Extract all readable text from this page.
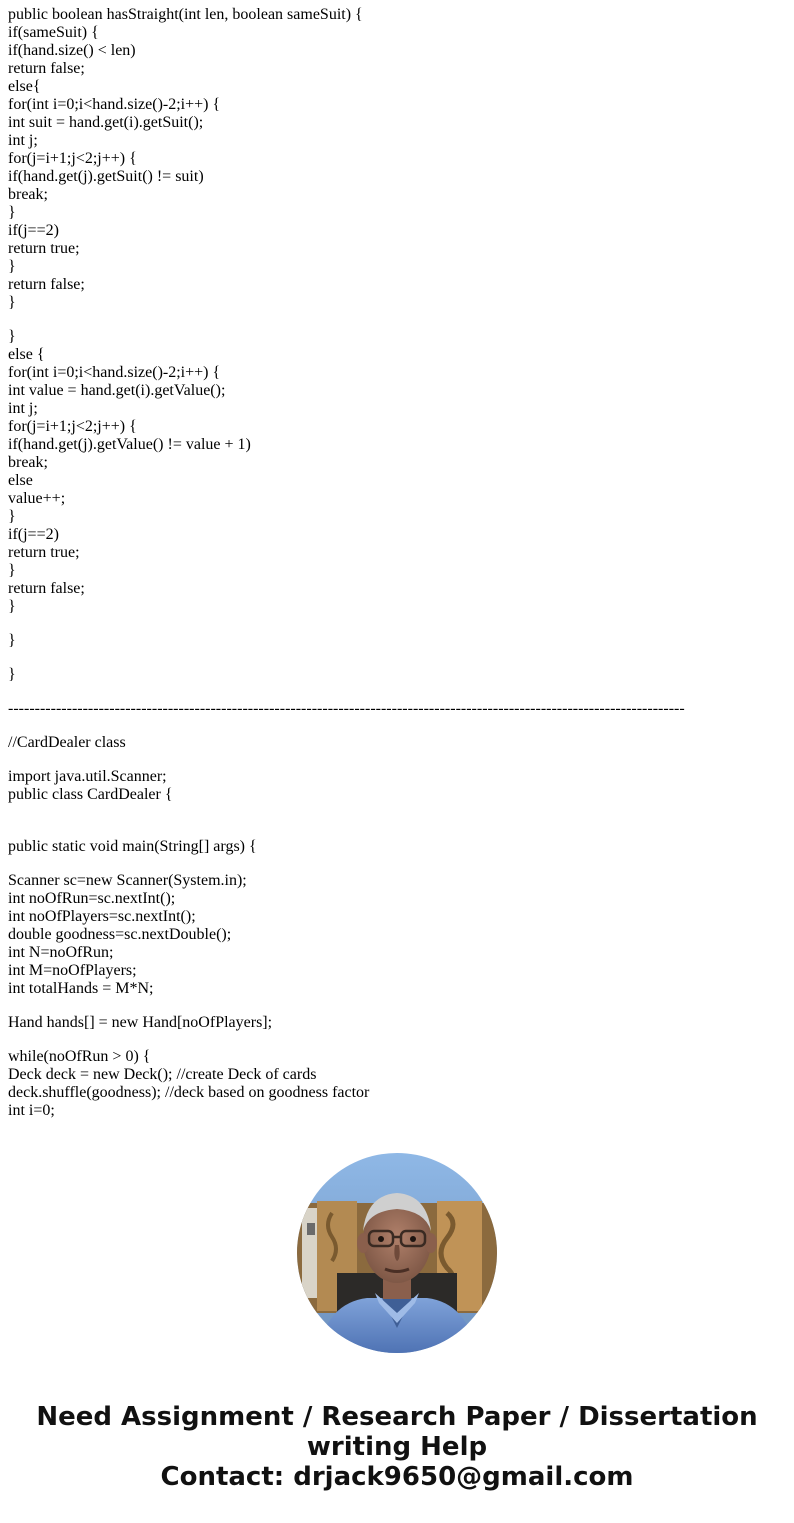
public boolean hasStraight(int len, boolean sameSuit) {
if(sameSuit) {
if(hand.size() < len)
return false;
else{
for(int i=0;i<hand.size()-2;i++) {
int suit = hand.get(i).getSuit();
int j;
for(j=i+1;j<2;j++) {
if(hand.get(j).getSuit() != suit)
break;
}
if(j==2)
return true;
}
return false;
}
}
else {
for(int i=0;i<hand.size()-2;i++) {
int value = hand.get(i).getValue();
int j;
for(j=i+1;j<2;j++) {
if(hand.get(j).getValue() != value + 1)
break;
else
value++;
}
if(j==2)
return true;
}
return false;
}
}
}
-------------------------------------------------------------------------------------------------------------------------------
//CardDealer class
import java.util.Scanner;
public class CardDealer {
public static void main(String[] args) {
Scanner sc=new Scanner(System.in);
int noOfRun=sc.nextInt();
int noOfPlayers=sc.nextInt();
double goodness=sc.nextDouble();
int N=noOfRun;
int M=noOfPlayers;
int totalHands = M*N;
Hand hands[] = new Hand[noOfPlayers];
while(noOfRun > 0) {
Deck deck = new Deck(); //create Deck of cards
deck.shuffle(goodness); //deck based on goodness factor
int i=0;
Need Assignment / Research Paper / Dissertation
writing Help
Contact: drjack9650@gmail.com
